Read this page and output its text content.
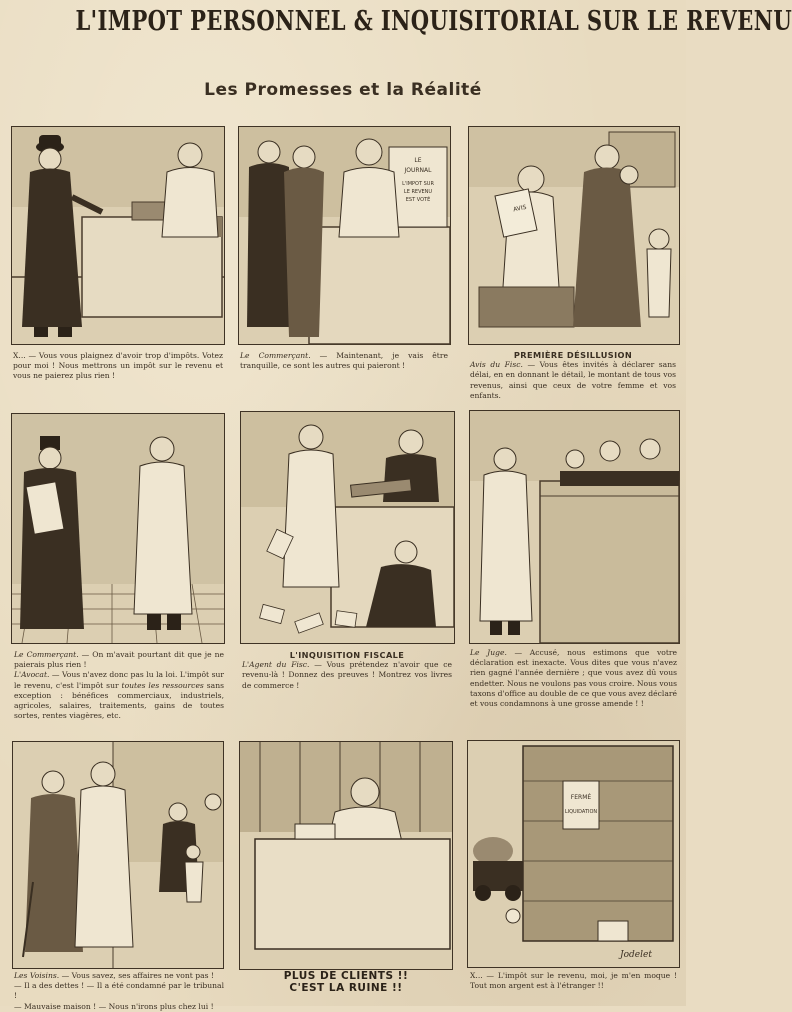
L'IMPOT PERSONNEL & INQUISITORIAL SUR LE REVENU
Les Promesses et la Réalité
LE
JOURNAL
L'IMPOT SUR
LE REVENU
EST VOTÉ
AVIS
X... — Vous vous plaignez d'avoir trop d'impôts. Votez pour moi ! Nous mettrons un impôt sur le revenu et vous ne paierez plus rien !
Le Commerçant. — Maintenant, je vais être tranquille, ce sont les autres qui paieront !
PREMIÈRE DÉSILLUSION
Avis du Fisc. — Vous êtes invités à déclarer sans délai, en en donnant le détail, le montant de tous vos revenus, ainsi que ceux de votre femme et vos enfants.
Le Commerçant. — On m'avait pourtant dit que je ne paierais plus rien !
L'Avocat. — Vous n'avez donc pas lu la loi. L'impôt sur le revenu, c'est l'impôt sur toutes les ressources sans exception : bénéfices commerciaux, industriels, agricoles, salaires, traitements, gains de toutes sortes, rentes viagères, etc.
L'INQUISITION FISCALE
L'Agent du Fisc. — Vous prétendez n'avoir que ce revenu-là ! Donnez des preuves ! Montrez vos livres de commerce !
Le Juge. — Accusé, nous estimons que votre déclaration est inexacte. Vous dites que vous n'avez rien gagné l'année dernière ; que vous avez dû vous endetter. Nous ne voulons pas vous croire. Nous vous taxons d'office au double de ce que vous avez déclaré et vous condamnons à une grosse amende ! !
FERMÉ
LIQUIDATION
Les Voisins. — Vous savez, ses affaires ne vont pas !
— Il a des dettes ! — Il a été condamné par le tribunal !
— Mauvaise maison ! — Nous n'irons plus chez lui !
PLUS DE CLIENTS !!
C'EST LA RUINE !!
X... — L'impôt sur le revenu, moi, je m'en moque ! Tout mon argent est à l'étranger !!
Jodelet
